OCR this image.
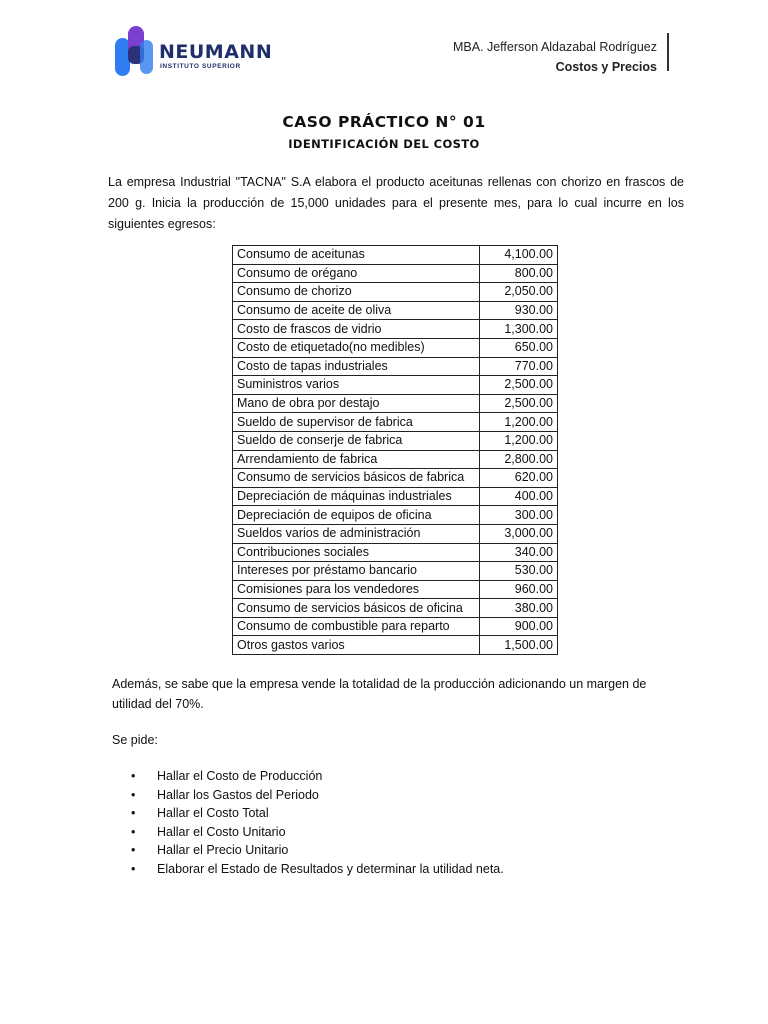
NEUMANN
INSTITUTO SUPERIOR
MBA. Jefferson Aldazabal Rodríguez
Costos y Precios
CASO PRÁCTICO N° 01
IDENTIFICACIÓN DEL COSTO
La empresa Industrial "TACNA" S.A elabora el producto aceitunas rellenas con chorizo en frascos de 200 g. Inicia la producción de 15,000 unidades para el presente mes, para lo cual incurre en los siguientes egresos:
Consumo de aceitunas	4,100.00
Consumo de orégano	800.00
Consumo de chorizo	2,050.00
Consumo de aceite de oliva	930.00
Costo de frascos de vidrio	1,300.00
Costo de etiquetado(no medibles)	650.00
Costo de tapas industriales	770.00
Suministros varios	2,500.00
Mano de obra por destajo	2,500.00
Sueldo de supervisor de fabrica	1,200.00
Sueldo de conserje de fabrica	1,200.00
Arrendamiento de fabrica	2,800.00
Consumo de servicios básicos de fabrica	620.00
Depreciación de máquinas industriales	400.00
Depreciación de equipos de oficina	300.00
Sueldos varios de administración	3,000.00
Contribuciones sociales	340.00
Intereses por préstamo bancario	530.00
Comisiones para los vendedores	960.00
Consumo de servicios básicos de oficina	380.00
Consumo de combustible para reparto	900.00
Otros gastos varios	1,500.00
Además, se sabe que la empresa vende la totalidad de la producción adicionando un margen de utilidad del 70%.
Se pide:
• Hallar el Costo de Producción
• Hallar los Gastos del Periodo
• Hallar el Costo Total
• Hallar el Costo Unitario
• Hallar el Precio Unitario
• Elaborar el Estado de Resultados y determinar la utilidad neta.
